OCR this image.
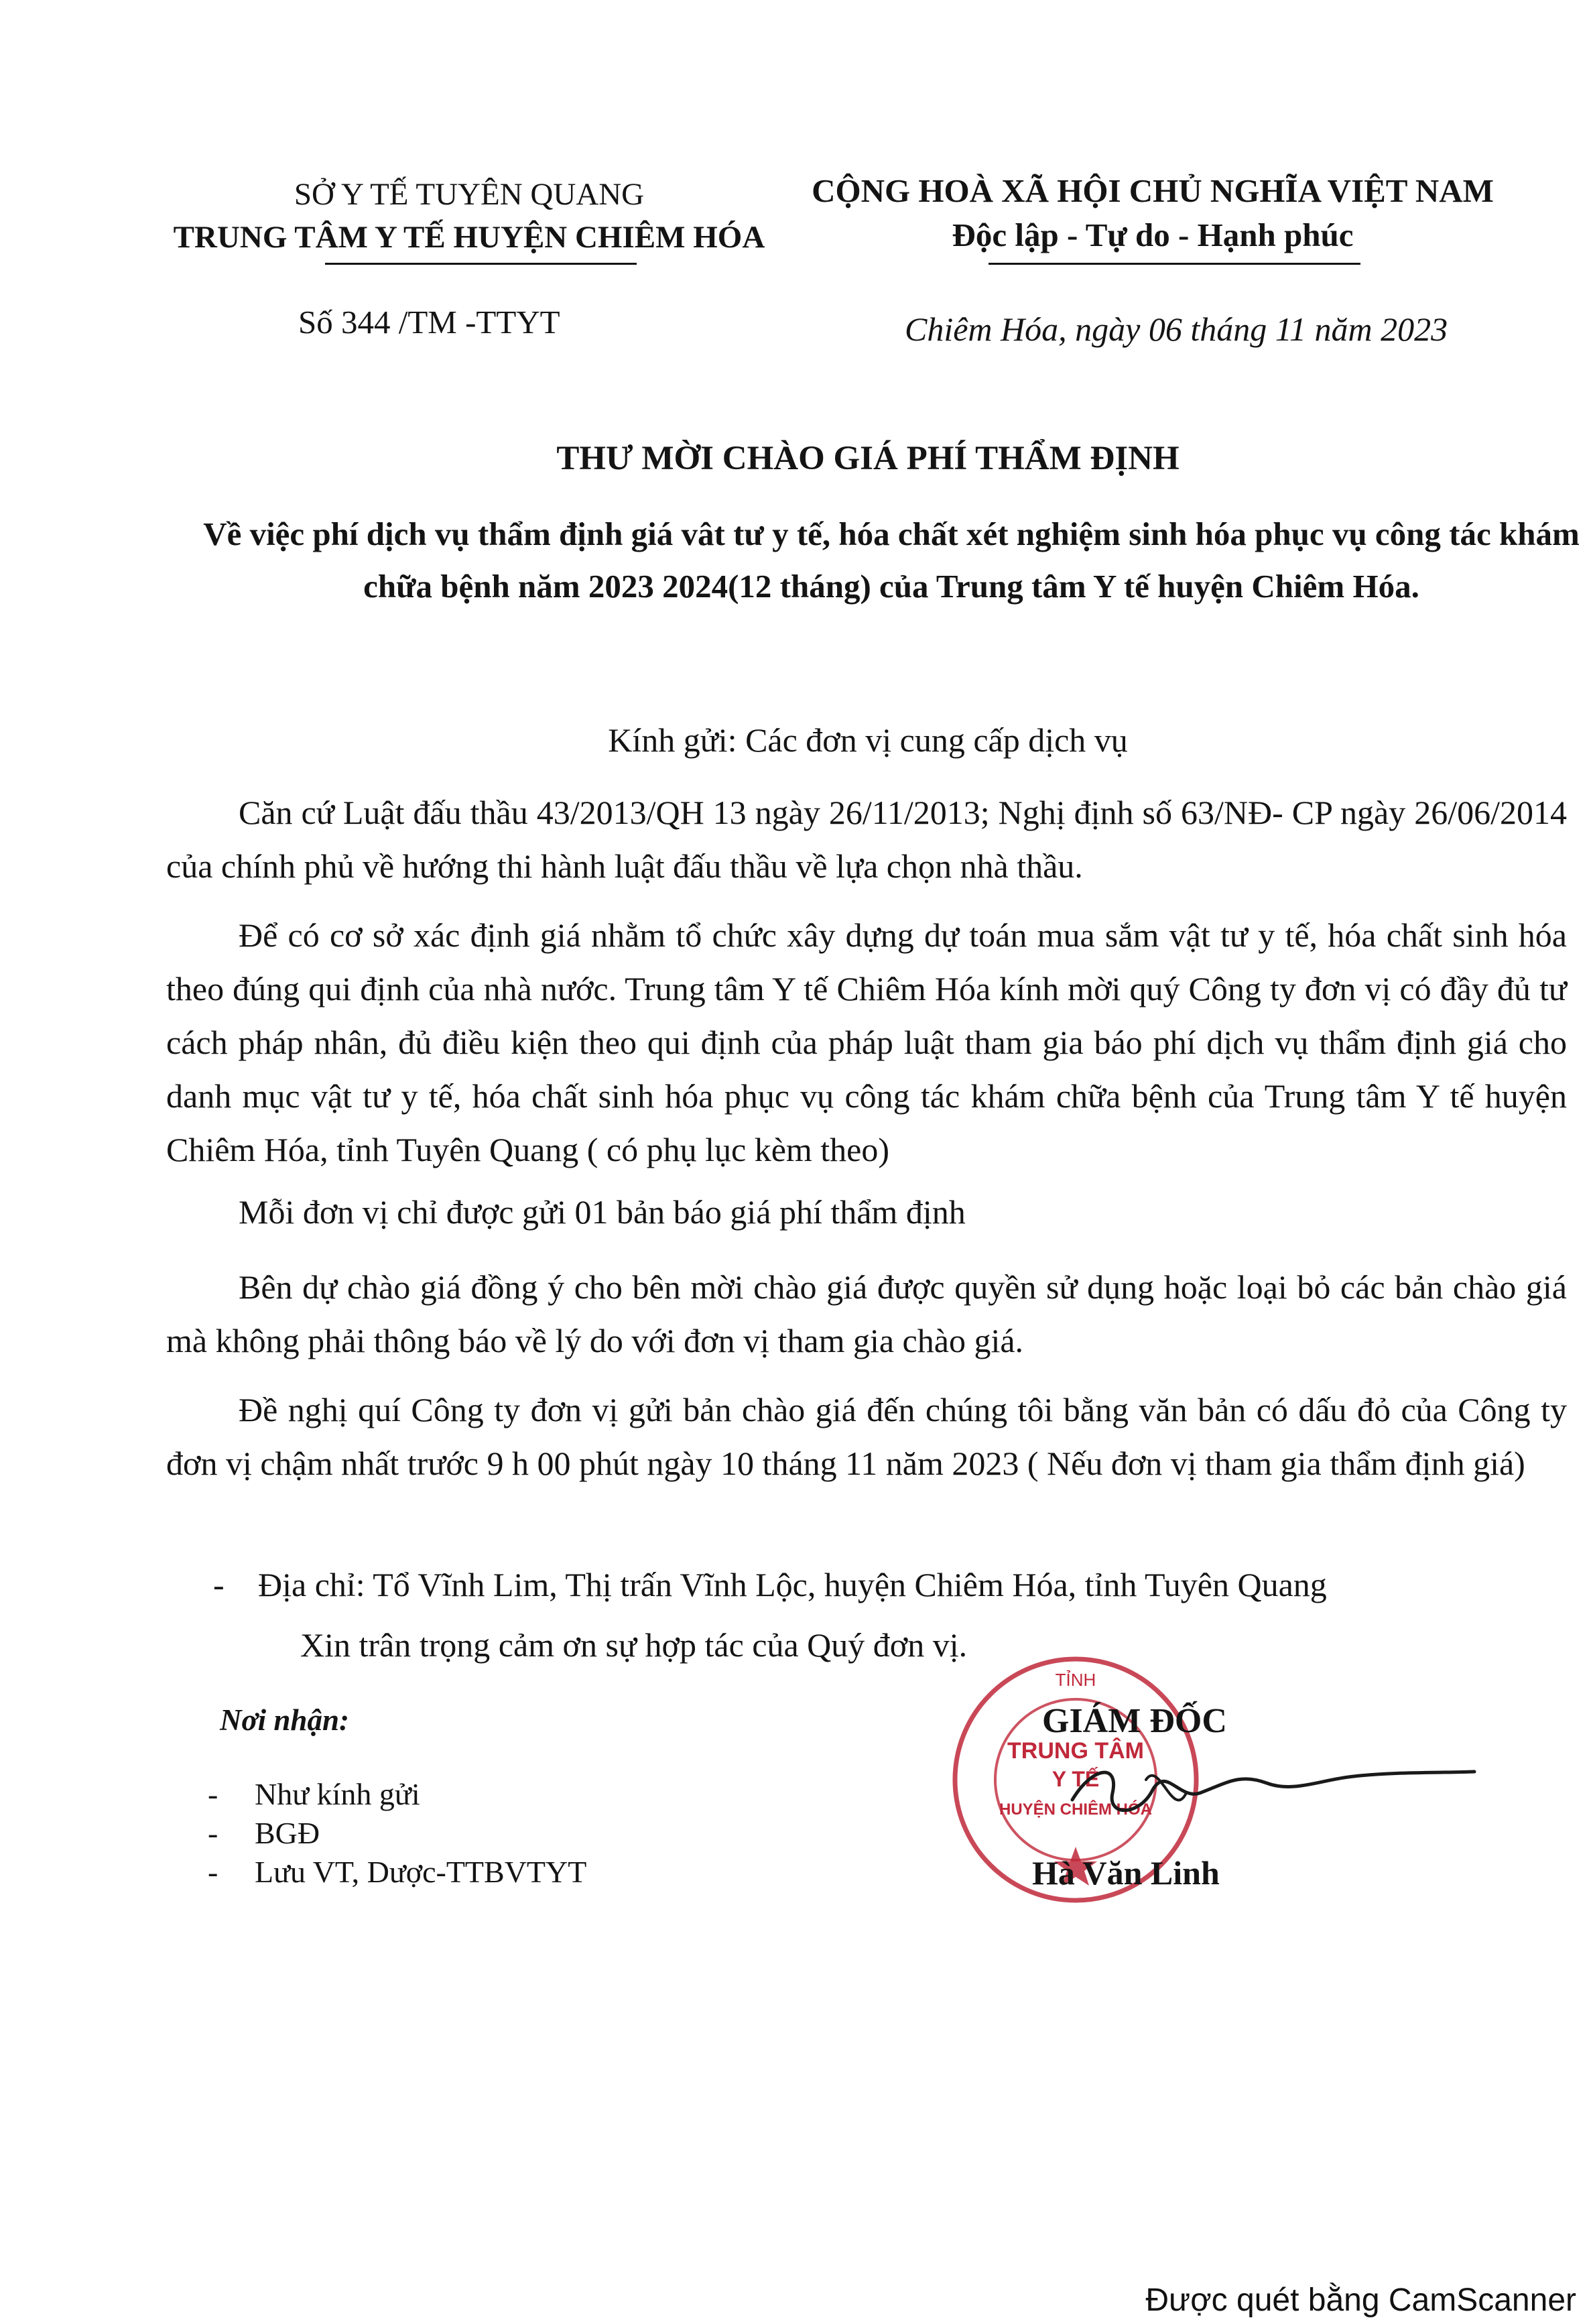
SỞ Y TẾ TUYÊN QUANG
TRUNG TÂM Y TẾ HUYỆN CHIÊM HÓA
CỘNG HOÀ XÃ HỘI CHỦ NGHĨA VIỆT NAM
Độc lập - Tự do - Hạnh phúc
Số 344 /TM -TTYT	Chiêm Hóa, ngày 06 tháng 11 năm 2023
THƯ MỜI CHÀO GIÁ PHÍ THẨM ĐỊNH
Về việc phí dịch vụ thẩm định giá vât tư y tế, hóa chất xét nghiệm sinh hóa phục vụ công tác khám chữa bệnh năm 2023 2024(12 tháng) của Trung tâm Y tế huyện Chiêm Hóa.
Kính gửi: Các đơn vị cung cấp dịch vụ
Căn cứ Luật đấu thầu 43/2013/QH 13 ngày 26/11/2013; Nghị định số 63/NĐ- CP ngày 26/06/2014 của chính phủ về hướng thi hành luật đấu thầu về lựa chọn nhà thầu.
Để có cơ sở xác định giá nhằm tổ chức xây dựng dự toán mua sắm vật tư y tế, hóa chất sinh hóa theo đúng qui định của nhà nước. Trung tâm Y tế Chiêm Hóa kính mời quý Công ty đơn vị có đầy đủ tư cách pháp nhân, đủ điều kiện theo qui định của pháp luật tham gia báo phí dịch vụ thẩm định giá cho danh mục vật tư y tế, hóa chất sinh hóa phục vụ công tác khám chữa bệnh của Trung tâm Y tế huyện Chiêm Hóa, tỉnh Tuyên Quang ( có phụ lục kèm theo)
Mỗi đơn vị chỉ được gửi 01 bản báo giá phí thẩm định
Bên dự chào giá đồng ý cho bên mời chào giá được quyền sử dụng hoặc loại bỏ các bản chào giá mà không phải thông báo về lý do với đơn vị tham gia chào giá.
Đề nghị quí Công ty đơn vị gửi bản chào giá đến chúng tôi bằng văn bản có dấu đỏ của Công ty đơn vị chậm nhất trước 9 h 00 phút ngày 10 tháng 11 năm 2023 ( Nếu đơn vị tham gia thẩm định giá)
- Địa chỉ: Tổ Vĩnh Lim, Thị trấn Vĩnh Lộc, huyện Chiêm Hóa, tỉnh Tuyên Quang
Xin trân trọng cảm ơn sự hợp tác của Quý đơn vị.
Nơi nhận:
- Như kính gửi
- BGĐ
- Lưu VT, Dược-TTBVTYT
TỈNH
TRUNG TÂM
Y TẾ
HUYỆN CHIÊM HÓA
GIÁM ĐỐC
Hà Văn Linh
Được quét bằng CamScanner
